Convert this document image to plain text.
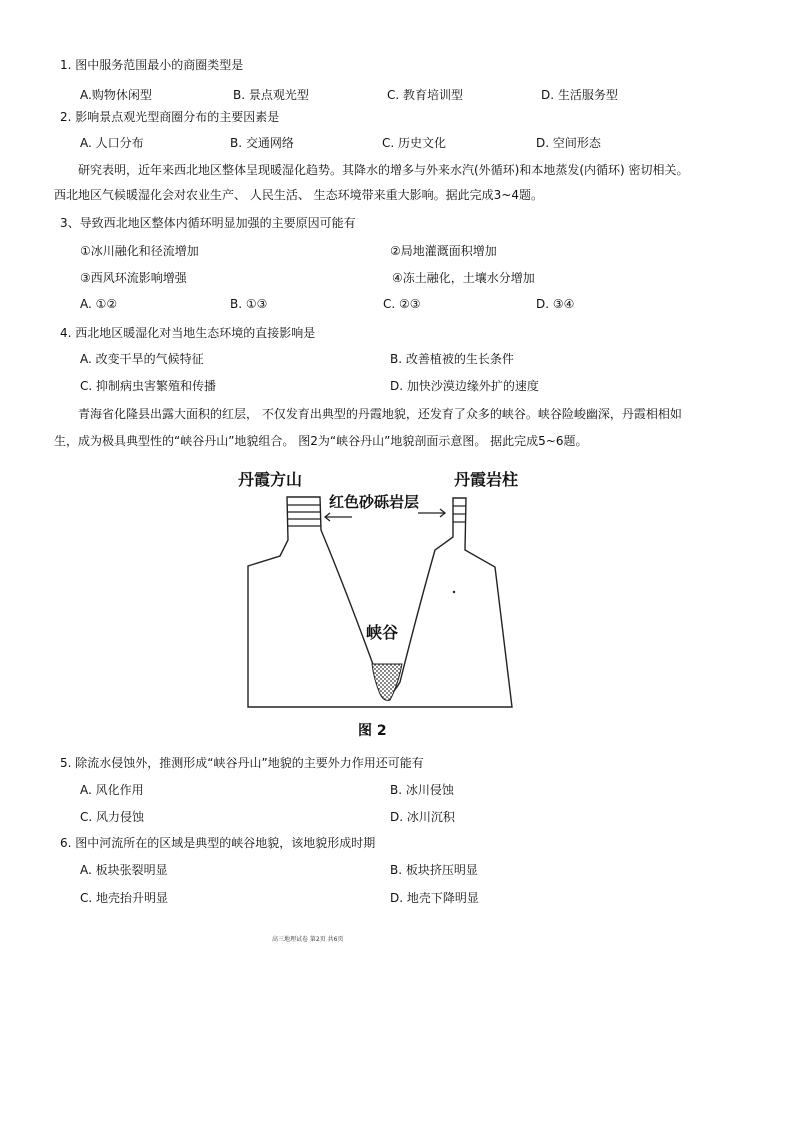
1. 图中服务范围最小的商圈类型是
A.购物休闲型	B. 景点观光型	C. 教育培训型	D. 生活服务型
2. 影响景点观光型商圈分布的主要因素是
A. 人口分布	B. 交通网络	C. 历史文化	D. 空间形态
研究表明，近年来西北地区整体呈现暖湿化趋势。其降水的增多与外来水汽(外循环)和本地蒸发(内循环) 密切相关。
西北地区气候暖湿化会对农业生产、 人民生活、 生态环境带来重大影响。据此完成3~4题。
3、导致西北地区整体内循环明显加强的主要原因可能有
①冰川融化和径流增加	②局地灌溉面积增加
③西风环流影响增强	④冻土融化，土壤水分增加
A. ①②	B. ①③	C. ②③	D. ③④
4. 西北地区暖湿化对当地生态环境的直接影响是
A. 改变干旱的气候特征	B. 改善植被的生长条件
C. 抑制病虫害繁殖和传播	D. 加快沙漠边缘外扩的速度
青海省化隆县出露大面积的红层， 不仅发育出典型的丹霞地貌，还发育了众多的峡谷。峡谷险峻幽深，丹霞相相如
生，成为极具典型性的“峡谷丹山”地貌组合。 图2为“峡谷丹山”地貌剖面示意图。 据此完成5~6题。
丹霞方山	丹霞岩柱
红色砂砾岩层
峡谷
图 2
5. 除流水侵蚀外，推测形成“峡谷丹山”地貌的主要外力作用还可能有
A. 风化作用	B. 冰川侵蚀
C. 风力侵蚀	D. 冰川沉积
6. 图中河流所在的区域是典型的峡谷地貌，该地貌形成时期
A. 板块张裂明显	B. 板块挤压明显
C. 地壳抬升明显	D. 地壳下降明显
高三地理试卷 第2页 共6页
